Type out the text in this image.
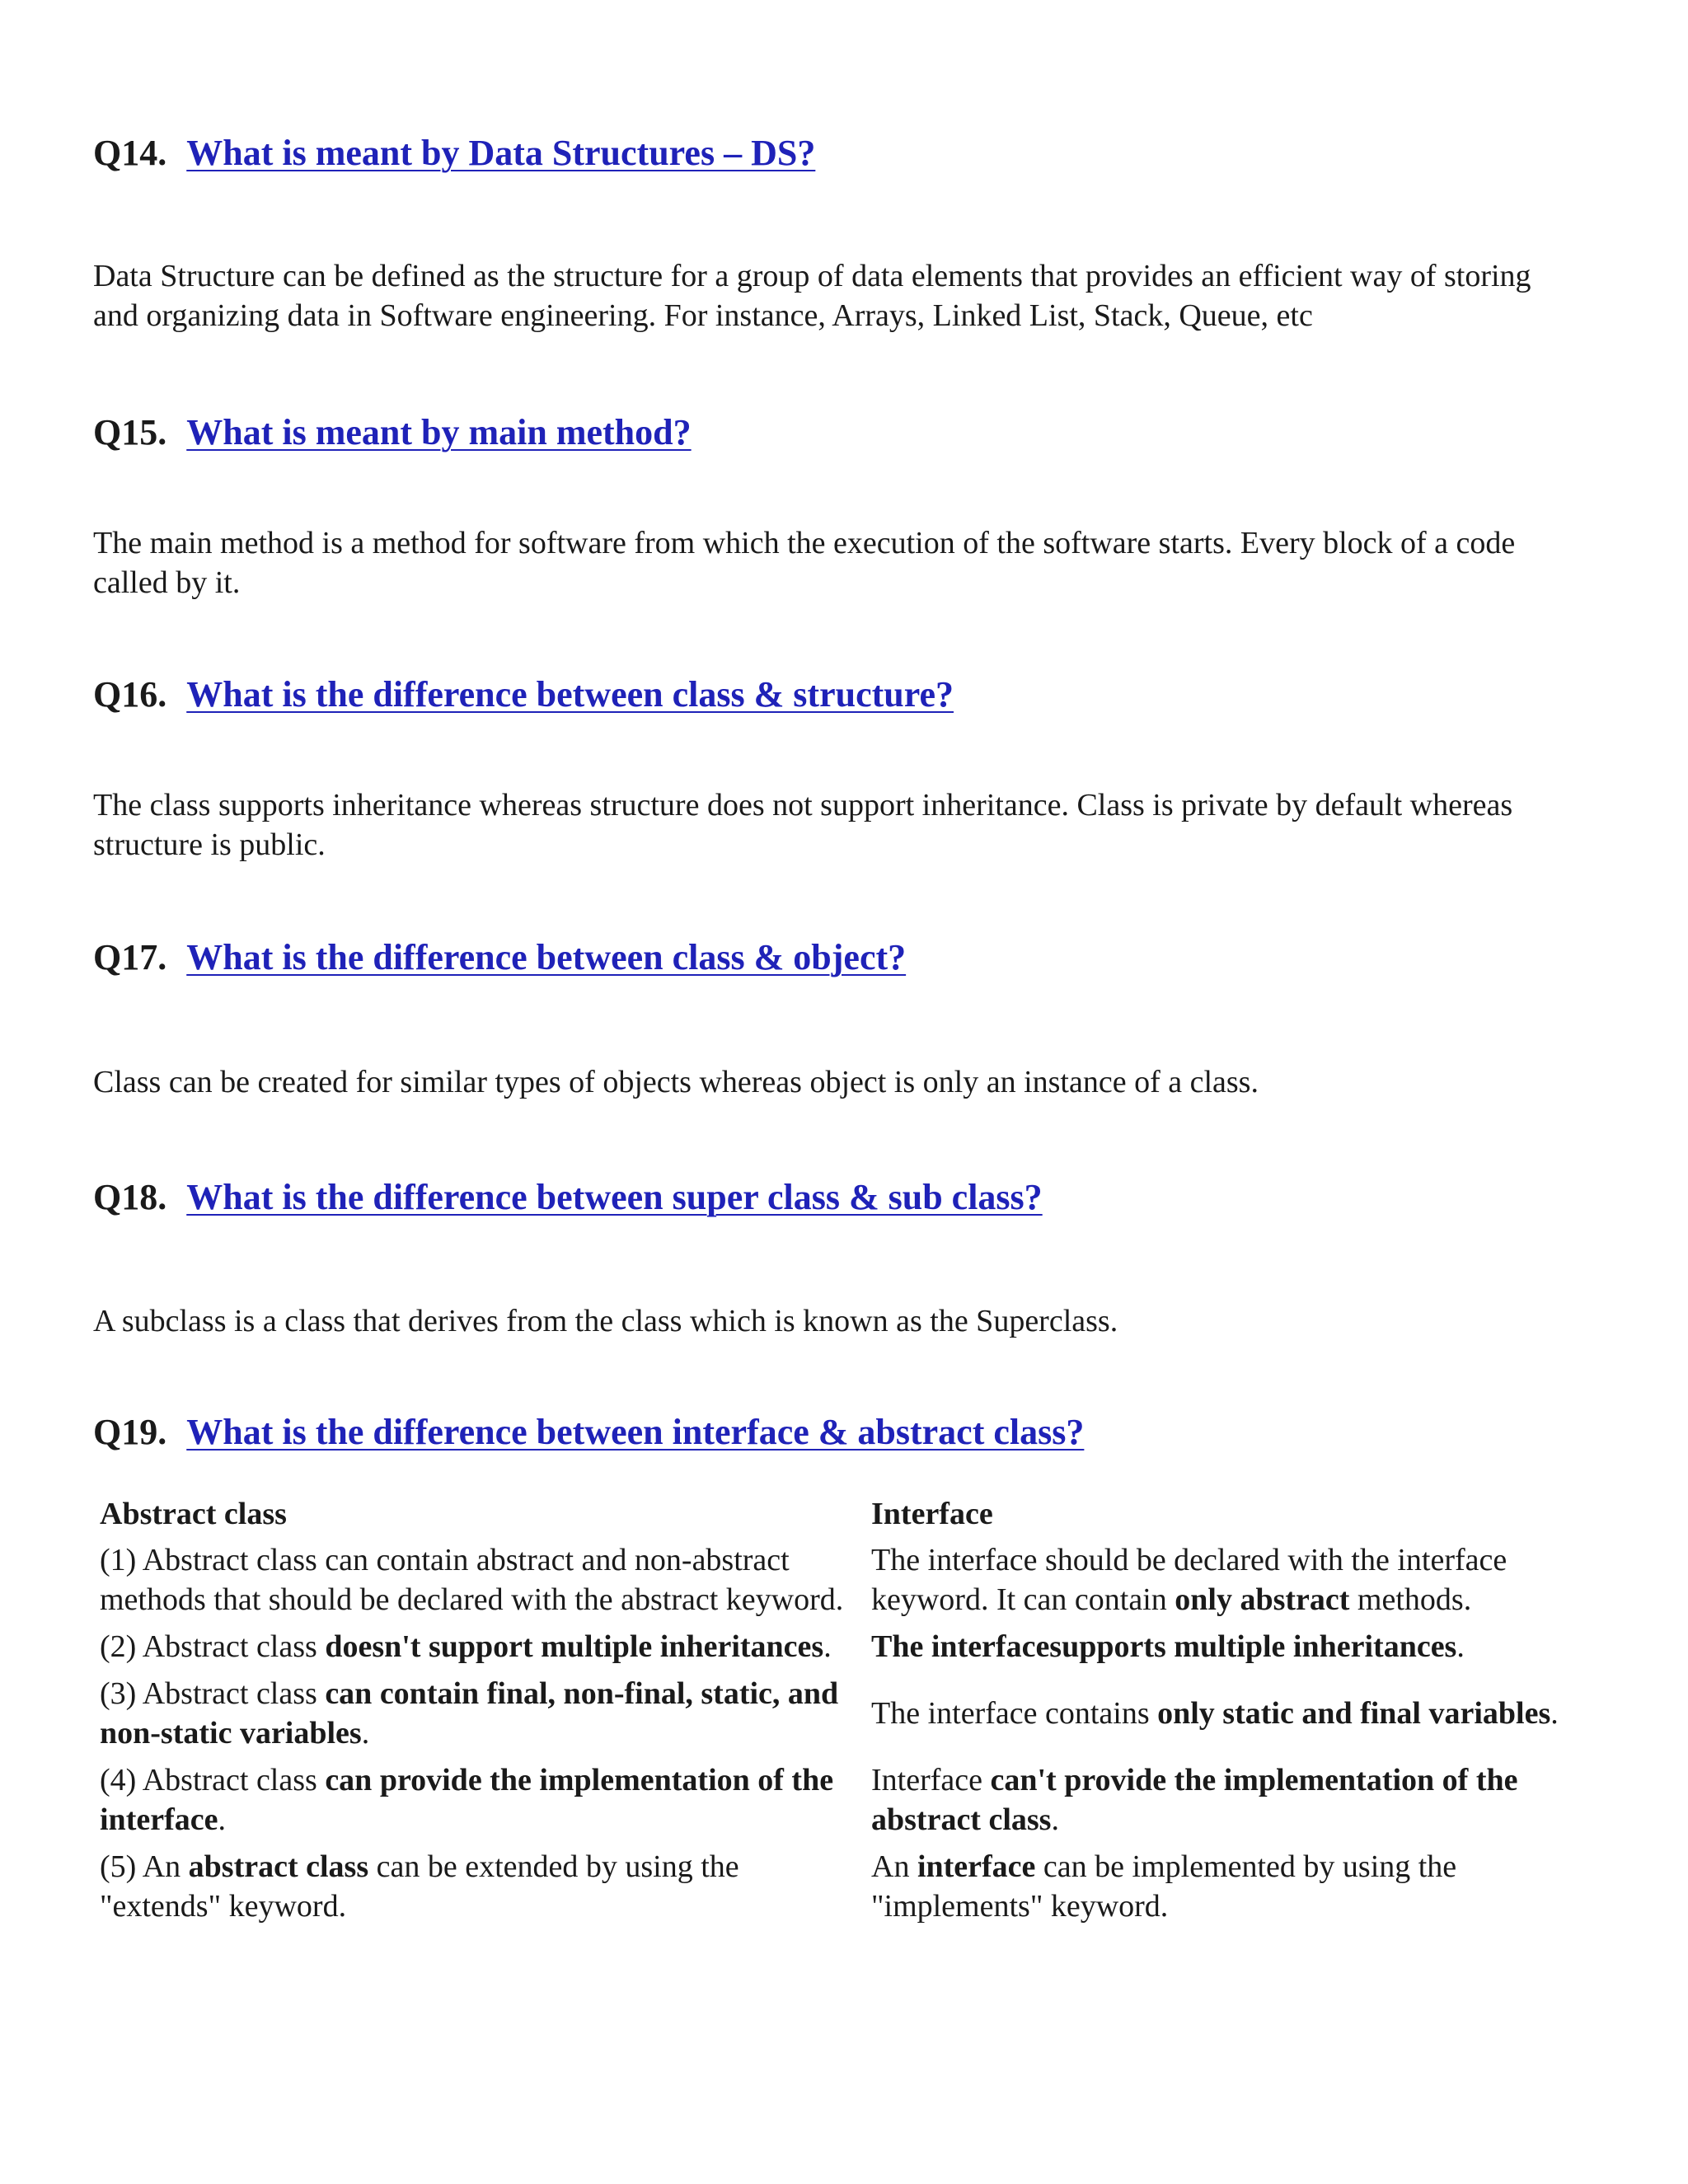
Q14. What is meant by Data Structures – DS?

Data Structure can be defined as the structure for a group of data elements that provides an efficient way of storing and organizing data in Software engineering. For instance, Arrays, Linked List, Stack, Queue, etc

Q15. What is meant by main method?

The main method is a method for software from which the execution of the software starts. Every block of a code called by it.

Q16. What is the difference between class & structure?

The class supports inheritance whereas structure does not support inheritance. Class is private by default whereas structure is public.

Q17. What is the difference between class & object?

Class can be created for similar types of objects whereas object is only an instance of a class.

Q18. What is the difference between super class & sub class?

A subclass is a class that derives from the class which is known as the Superclass.

Q19. What is the difference between interface & abstract class?
Abstract class	Interface
(1) Abstract class can contain abstract and non-abstract methods that should be declared with the abstract keyword.	The interface should be declared with the interface keyword. It can contain only abstract methods.
(2) Abstract class doesn't support multiple inheritances.	The interfacesupports multiple inheritances.
(3) Abstract class can contain final, non-final, static, and non-static variables.	The interface contains only static and final variables.
(4) Abstract class can provide the implementation of the interface.	Interface can't provide the implementation of the abstract class.
(5) An abstract class can be extended by using the "extends" keyword.	An interface can be implemented by using the "implements" keyword.
